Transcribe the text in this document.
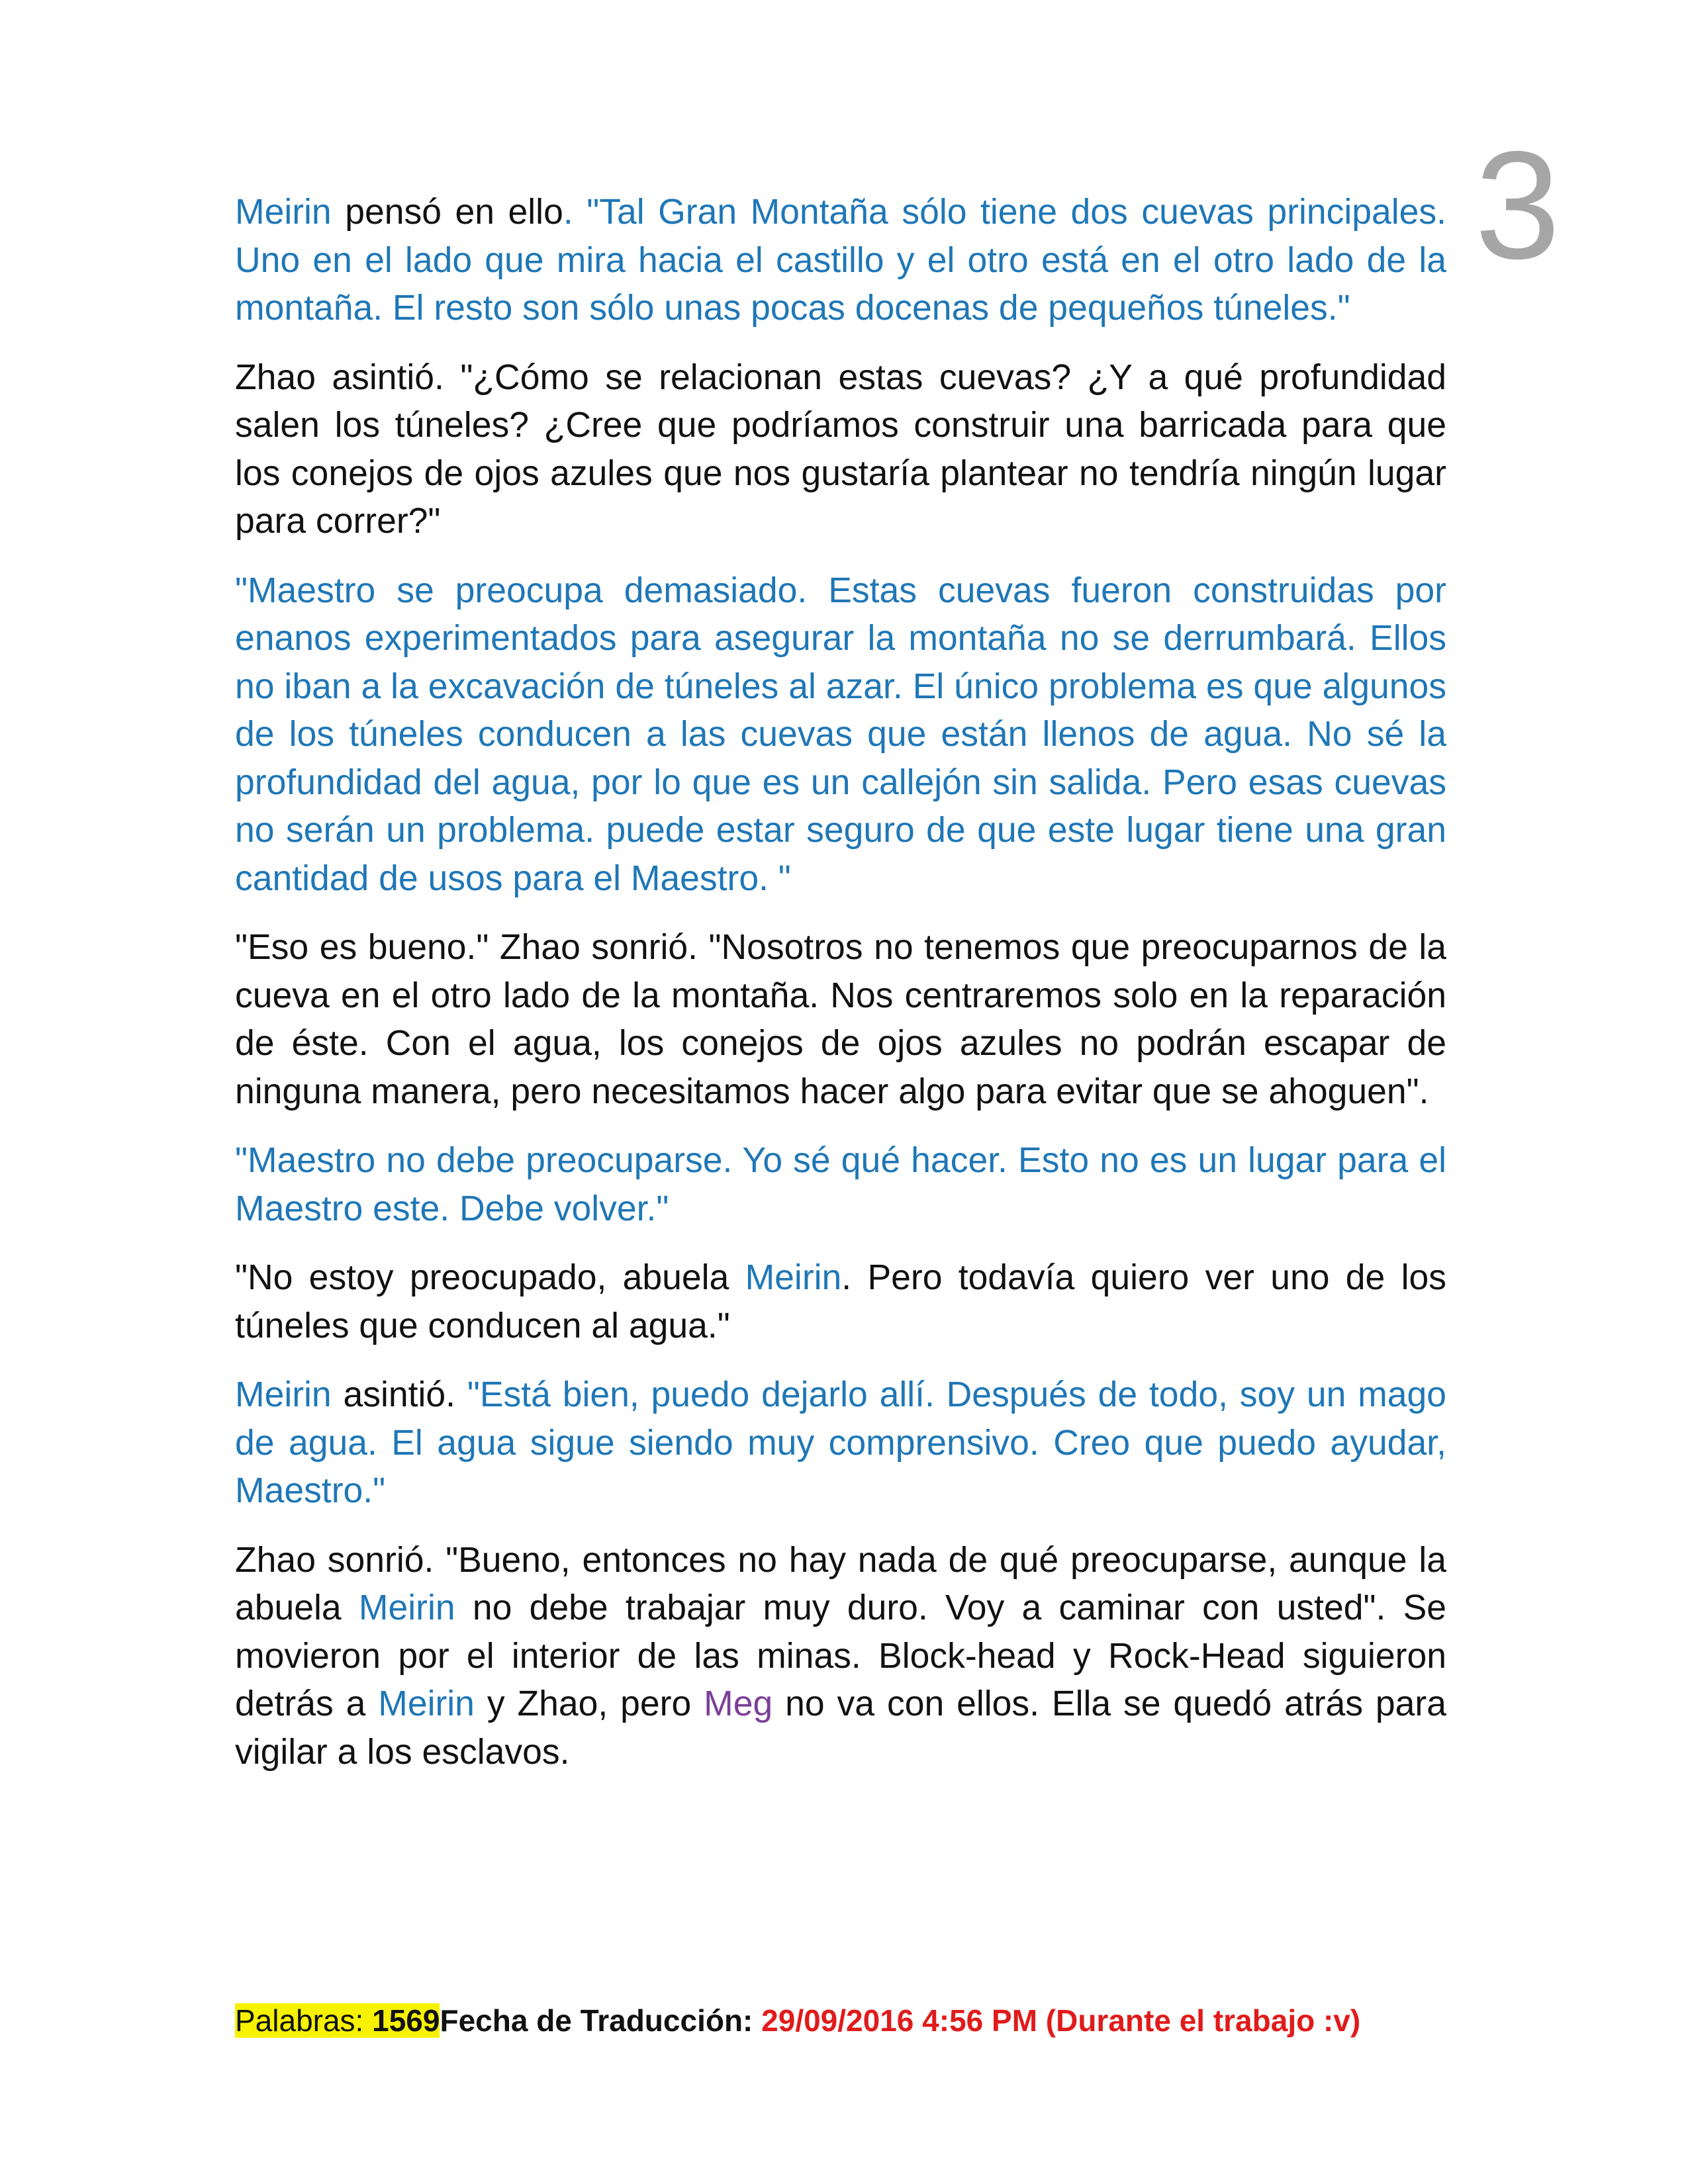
3

Meirin pensó en ello. "Tal Gran Montaña sólo tiene dos cuevas principales. Uno en el lado que mira hacia el castillo y el otro está en el otro lado de la montaña. El resto son sólo unas pocas docenas de pequeños túneles."

Zhao asintió. "¿Cómo se relacionan estas cuevas? ¿Y a qué profundidad salen los túneles? ¿Cree que podríamos construir una barricada para que los conejos de ojos azules que nos gustaría plantear no tendría ningún lugar para correr?"

"Maestro se preocupa demasiado. Estas cuevas fueron construidas por enanos experimentados para asegurar la montaña no se derrumbará. Ellos no iban a la excavación de túneles al azar. El único problema es que algunos de los túneles conducen a las cuevas que están llenos de agua. No sé la profundidad del agua, por lo que es un callejón sin salida. Pero esas cuevas no serán un problema. puede estar seguro de que este lugar tiene una gran cantidad de usos para el Maestro. "

"Eso es bueno." Zhao sonrió. "Nosotros no tenemos que preocuparnos de la cueva en el otro lado de la montaña. Nos centraremos solo en la reparación de éste. Con el agua, los conejos de ojos azules no podrán escapar de ninguna manera, pero necesitamos hacer algo para evitar que se ahoguen".

"Maestro no debe preocuparse. Yo sé qué hacer. Esto no es un lugar para el Maestro este. Debe volver."

"No estoy preocupado, abuela Meirin. Pero todavía quiero ver uno de los túneles que conducen al agua."

Meirin asintió. "Está bien, puedo dejarlo allí. Después de todo, soy un mago de agua. El agua sigue siendo muy comprensivo. Creo que puedo ayudar, Maestro."

Zhao sonrió. "Bueno, entonces no hay nada de qué preocuparse, aunque la abuela Meirin no debe trabajar muy duro. Voy a caminar con usted". Se movieron por el interior de las minas. Block-head y Rock-Head siguieron detrás a Meirin y Zhao, pero Meg no va con ellos. Ella se quedó atrás para vigilar a los esclavos.

Palabras: 1569Fecha de Traducción: 29/09/2016 4:56 PM (Durante el trabajo :v)
